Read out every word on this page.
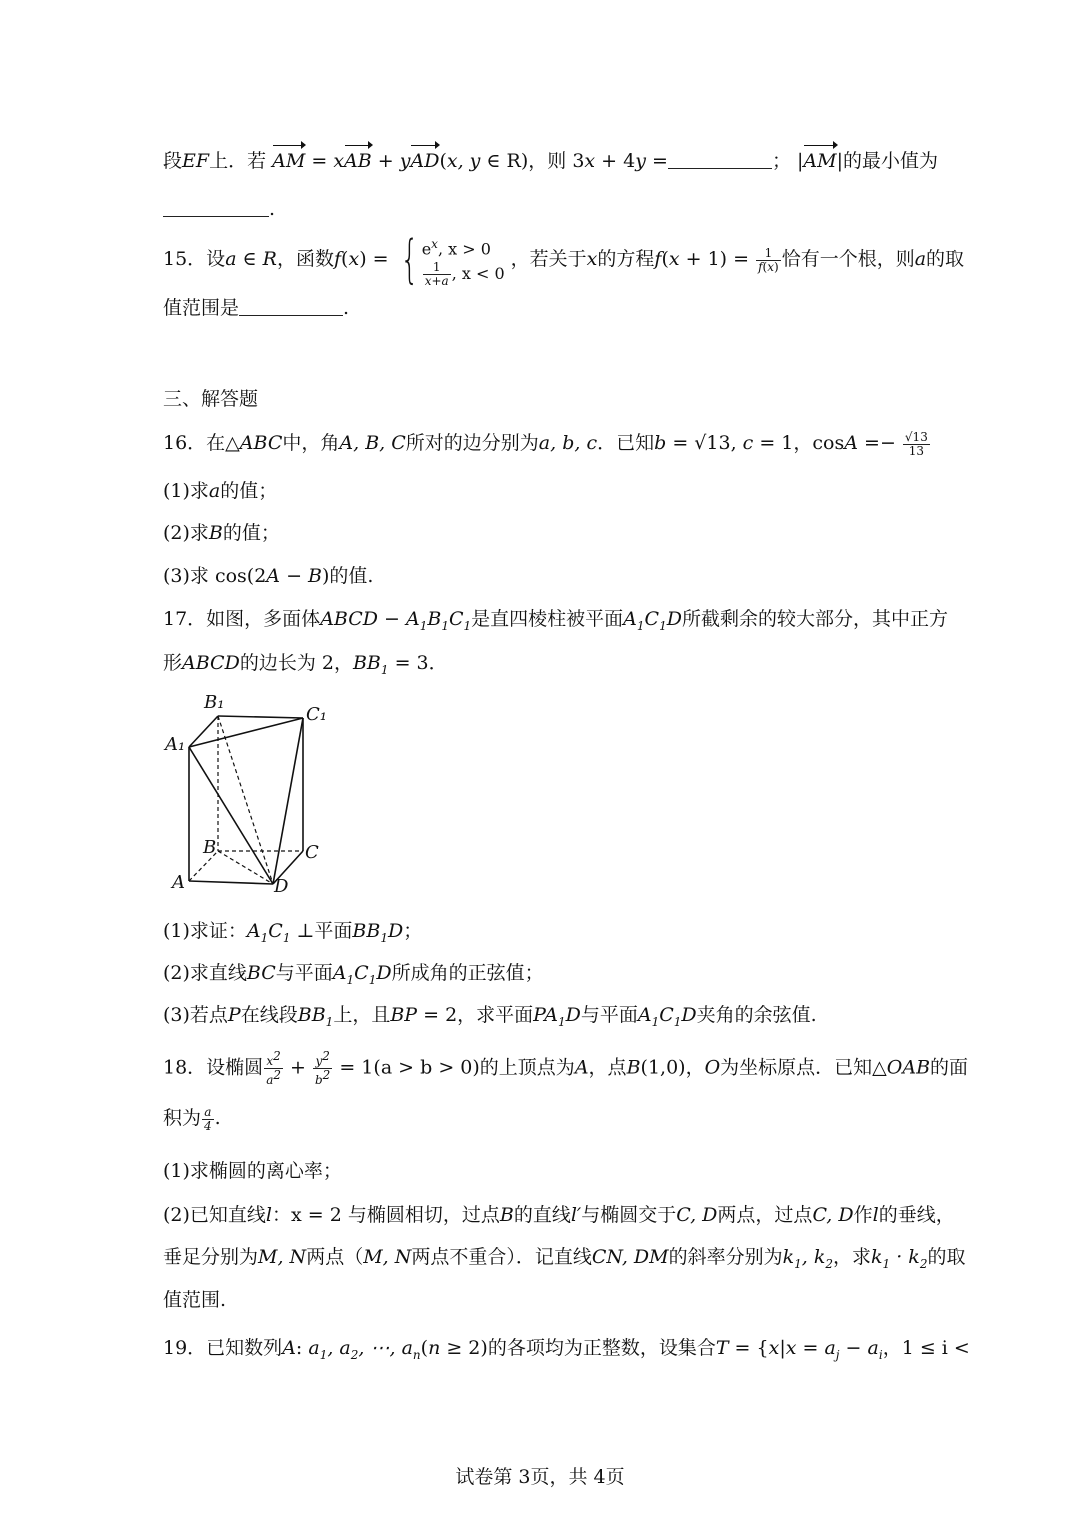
段EF上．若 AM = xAB + yAD(x, y ∈ R)，则 3x + 4y =	； |AM|的最小值为
.
15．设a ∈ R，函数f(x) = { $e^x$, x > 0
$\frac{1}{x+a}$ , x < 0
，若关于x的方程$f(x + 1) = \frac{1}{f(x)}$ 恰有一个根，则a的取
值范围是	.
三、解答题
16．在△ABC中，角A, B, C所对的边分别为a, b, c．已知b = √13, c = 1，$\cos A =- \frac{√13}{13}$
(1)求a的值；
(2)求B的值；
(3)求 cos(2A − B)的值.
17．如图，多面体ABCD − $A_1B_1C_1$是直四棱柱被平面$A_1C_1D$所截剩余的较大部分，其中正方
形ABCD的边长为 2，$BB_1 = 3$．
B₁
C₁
A₁
B	C
A	D
(1)求证：$A_1C_1$ ⊥平面$BB_1D$；
(2)求直线BC与平面$A_1C_1D$所成角的正弦值；
(3)若点P在线段$BB_1$上，且BP = 2，求平面$PA_1D$与平面$A_1C_1D$夹角的余弦值.
18．设椭圆 $\frac{x^2}{a^2} + \frac{y^2}{b^2} = 1(a > b > 0)$的上顶点为A，点B(1,0)，O为坐标原点．已知△OAB的面
积为 $\frac{a}{4}$ .
(1)求椭圆的离心率；
(2)已知直线l：x = 2 与椭圆相切，过点B的直线l′与椭圆交于C, D两点，过点C, D作l的垂线，
垂足分别为M, N两点（M, N两点不重合）．记直线CN, DM的斜率分别为$k_1$, $k_2$，求$k_1 \cdot k_2$的取
值范围.
19．已知数列A: $a_1$, $a_2$, ⋯, $a_n(n \ge 2)$的各项均为正整数，设集合$T = \{x|x = a_j - a_i$，1 ≤ i <
试卷第 3页，共 4页
